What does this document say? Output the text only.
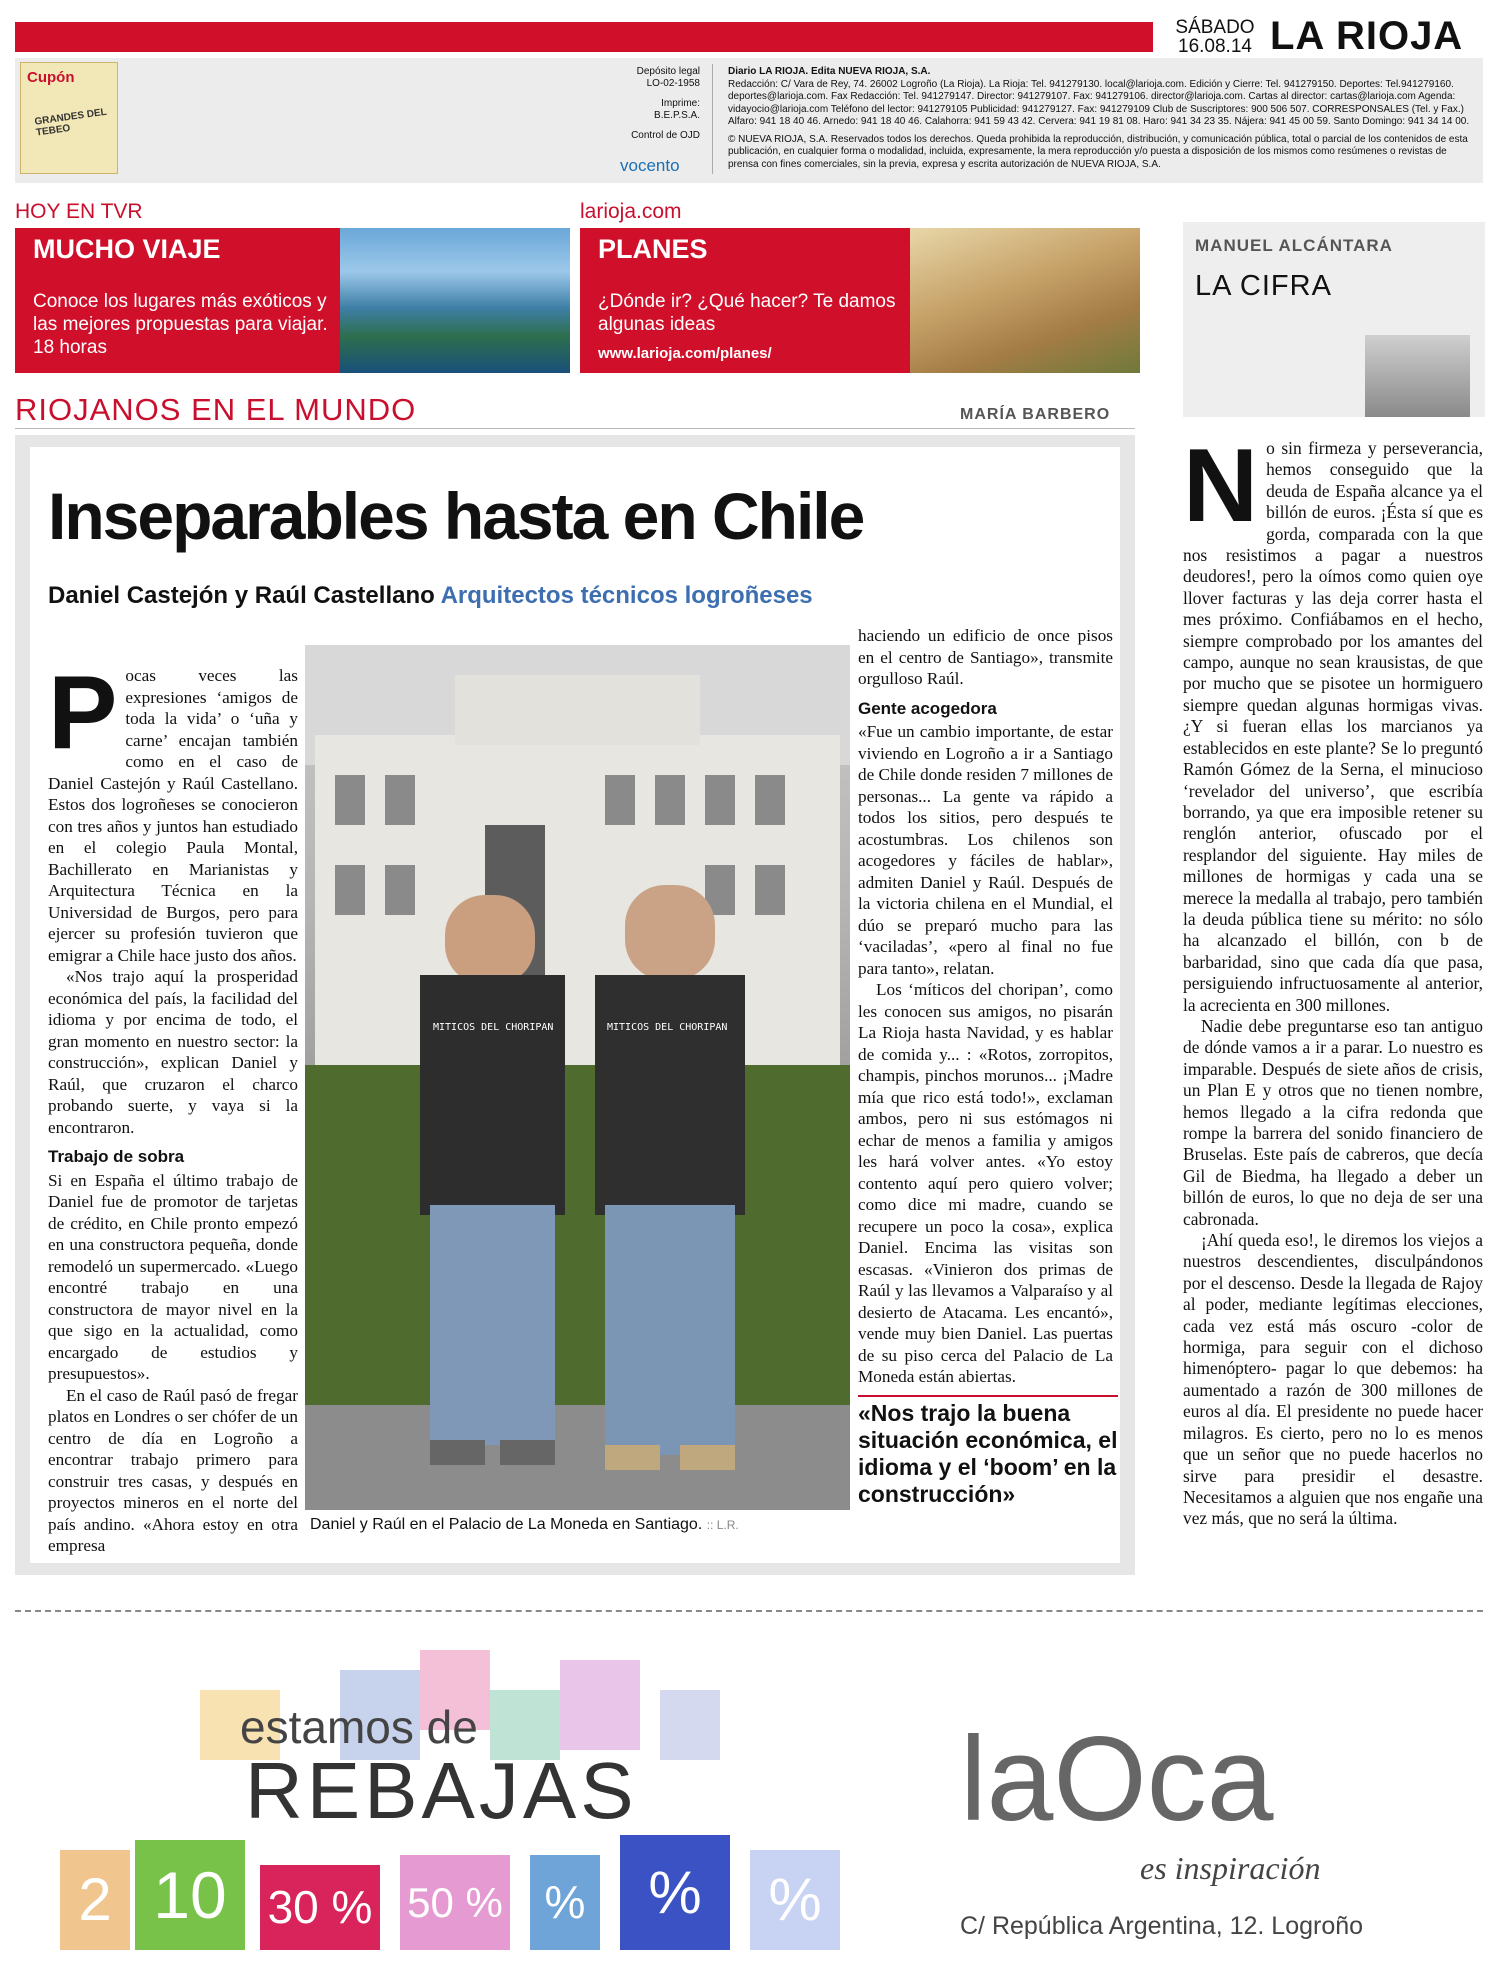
SÁBADO
16.08.14 LA RIOJA
Cupón
GRANDES DEL TEBEO
Depósito legal
LO-02-1958
Imprime:
B.E.P.S.A.
Control de OJD
vocento
Diario LA RIOJA. Edita NUEVA RIOJA, S.A.
Redacción: C/ Vara de Rey, 74. 26002 Logroño (La Rioja). La Rioja: Tel. 941279130. local@larioja.com. Edición y Cierre: Tel. 941279150. Deportes: Tel.941279160. deportes@larioja.com. Fax Redacción: Tel. 941279147. Director: 941279107. Fax: 941279106. director@larioja.com. Cartas al director: cartas@larioja.com Agenda: vidayocio@larioja.com Teléfono del lector: 941279105 Publicidad: 941279127. Fax: 941279109 Club de Suscriptores: 900 506 507. CORRESPONSALES (Tel. y Fax.) Alfaro: 941 18 40 46. Arnedo: 941 18 40 46. Calahorra: 941 59 43 42. Cervera: 941 19 81 08. Haro: 941 34 23 35. Nájera: 941 45 00 59. Santo Domingo: 941 34 14 00.
© NUEVA RIOJA, S.A. Reservados todos los derechos. Queda prohibida la reproducción, distribución, y comunicación pública, total o parcial de los contenidos de esta publicación, en cualquier forma o modalidad, incluida, expresamente, la mera reproducción y/o puesta a disposición de los mismos como resúmenes o revistas de prensa con fines comerciales, sin la previa, expresa y escrita autorización de NUEVA RIOJA, S.A.
HOY EN TVR
MUCHO VIAJE
Conoce los lugares más exóticos y las mejores propuestas para viajar. 18 horas
larioja.com
PLANES
¿Dónde ir? ¿Qué hacer? Te damos algunas ideas
www.larioja.com/planes/
MANUEL ALCÁNTARA
LA CIFRA
RIOJANOS EN EL MUNDO	MARÍA BARBERO
Inseparables hasta en Chile
Daniel Castejón y Raúl Castellano Arquitectos técnicos logroñeses
P ocas veces las expresiones ‘amigos de toda la vida’ o ‘uña y carne’ encajan también como en el caso de Daniel Castejón y Raúl Castellano. Estos dos logroñeses se conocieron con tres años y juntos han estudiado en el colegio Paula Montal, Bachillerato en Marianistas y Arquitectura Técnica en la Universidad de Burgos, pero para ejercer su profesión tuvieron que emigrar a Chile hace justo dos años.

«Nos trajo aquí la prosperidad económica del país, la facilidad del idioma y por encima de todo, el gran momento en nuestro sector: la construcción», explican Daniel y Raúl, que cruzaron el charco probando suerte, y vaya si la encontraron.

Trabajo de sobra

Si en España el último trabajo de Daniel fue de promotor de tarjetas de crédito, en Chile pronto empezó en una constructora pequeña, donde remodeló un supermercado. «Luego encontré trabajo en una constructora de mayor nivel en la que sigo en la actualidad, como encargado de estudios y presupuestos».

En el caso de Raúl pasó de fregar platos en Londres o ser chófer de un centro de día en Logroño a encontrar trabajo primero para construir tres casas, y después en proyectos mineros en el norte del país andino. «Ahora estoy en otra empresa

MITICOS DEL CHORIPAN	MITICOS DEL CHORIPAN
Daniel y Raúl en el Palacio de La Moneda en Santiago. :: L.R.

haciendo un edificio de once pisos en el centro de Santiago», transmite orgulloso Raúl.

Gente acogedora

«Fue un cambio importante, de estar viviendo en Logroño a ir a Santiago de Chile donde residen 7 millones de personas... La gente va rápido a todos los sitios, pero después te acostumbras. Los chilenos son acogedores y fáciles de hablar», admiten Daniel y Raúl. Después de la victoria chilena en el Mundial, el dúo se preparó mucho para las ‘vaciladas’, «pero al final no fue para tanto», relatan.

Los ‘míticos del choripan’, como les conocen sus amigos, no pisarán La Rioja hasta Navidad, y es hablar de comida y... : «Rotos, zorropitos, champis, pinchos morunos... ¡Madre mía que rico está todo!», exclaman ambos, pero ni sus estómagos ni echar de menos a familia y amigos les hará volver antes. «Yo estoy contento aquí pero quiero volver; como dice mi madre, cuando se recupere un poco la cosa», explica Daniel. Encima las visitas son escasas. «Vinieron dos primas de Raúl y las llevamos a Valparaíso y al desierto de Atacama. Les encantó», vende muy bien Daniel. Las puertas de su piso cerca del Palacio de La Moneda están abiertas.

«Nos trajo la buena situación económica, el idioma y el ‘boom’ en la construcción»
N o sin firmeza y perseverancia, hemos conseguido que la deuda de España alcance ya el billón de euros. ¡Ésta sí que es gorda, comparada con la que nos resistimos a pagar a nuestros deudores!, pero la oímos como quien oye llover facturas y las deja correr hasta el mes próximo. Confiábamos en el hecho, siempre comprobado por los amantes del campo, aunque no sean krausistas, de que por mucho que se pisotee un hormiguero siempre quedan algunas hormigas vivas. ¿Y si fueran ellas los marcianos ya establecidos en este plante? Se lo preguntó Ramón Gómez de la Serna, el minucioso ‘revelador del universo’, que escribía borrando, ya que era imposible retener su renglón anterior, ofuscado por el resplandor del siguiente. Hay miles de millones de hormigas y cada una se merece la medalla al trabajo, pero también la deuda pública tiene su mérito: no sólo ha alcanzado el billón, con b de barbaridad, sino que cada día que pasa, persiguiendo infructuosamente al anterior, la acrecienta en 300 millones.

Nadie debe preguntarse eso tan antiguo de dónde vamos a ir a parar. Lo nuestro es imparable. Después de siete años de crisis, un Plan E y otros que no tienen nombre, hemos llegado a la cifra redonda que rompe la barrera del sonido financiero de Bruselas. Este país de cabreros, que decía Gil de Biedma, ha llegado a deber un billón de euros, lo que no deja de ser una cabronada.

¡Ahí queda eso!, le diremos los viejos a nuestros descendientes, disculpándonos por el descenso. Desde la llegada de Rajoy al poder, mediante legítimas elecciones, cada vez está más oscuro -color de hormiga, para seguir con el dichoso himenóptero- pagar lo que debemos: ha aumentado a razón de 300 millones de euros al día. El presidente no puede hacer milagros. Es cierto, pero no lo es menos que un señor que no puede hacerlos no sirve para presidir el desastre. Necesitamos a alguien que nos engañe una vez más, que no será la última.

2 10 30 % 50 % %	%	%
estamos de
REBAJAS	laOca
es inspiración
C/ República Argentina, 12. Logroño
